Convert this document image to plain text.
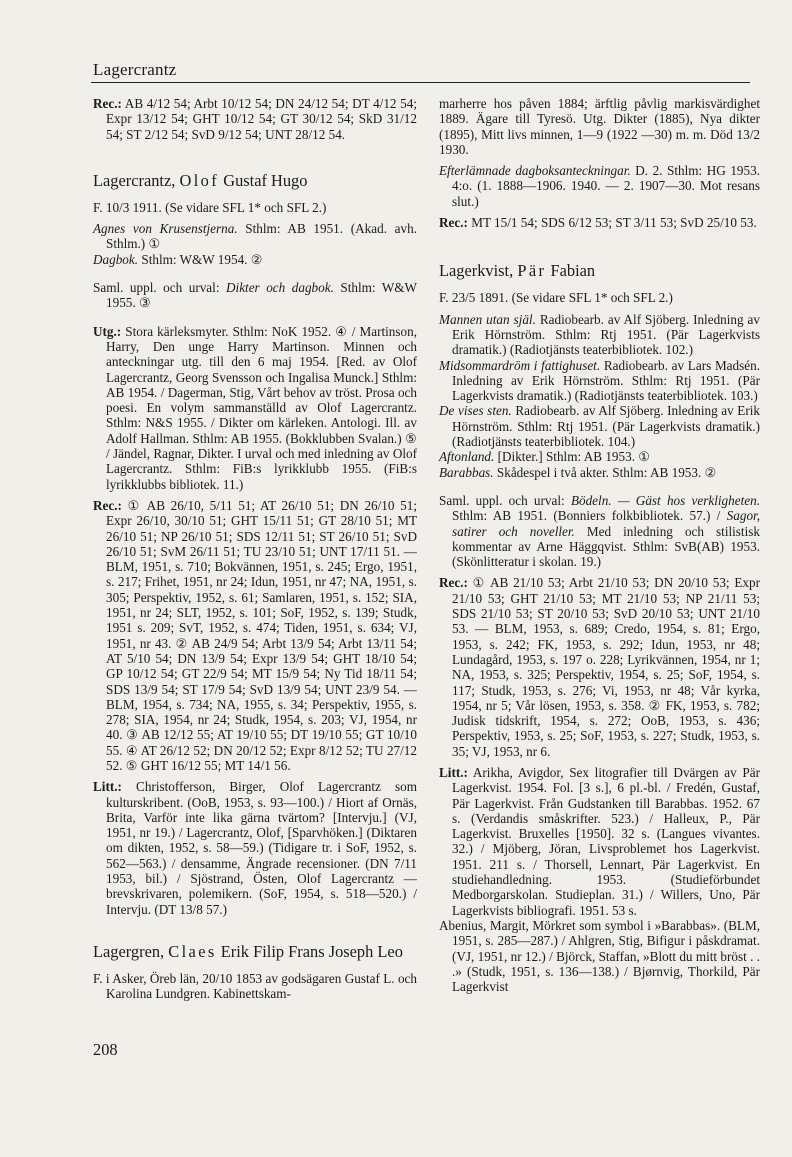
Lagercrantz

Rec.: AB 4/12 54; Arbt 10/12 54; DN 24/12 54; DT 4/12 54; Expr 13/12 54; GHT 10/12 54; GT 30/12 54; SkD 31/12 54; ST 2/12 54; SvD 9/12 54; UNT 28/12 54.

Lagercrantz, Olof Gustaf Hugo

F. 10/3 1911. (Se vidare SFL 1* och SFL 2.)

Agnes von Krusenstjerna. Sthlm: AB 1951. (Akad. avh. Sthlm.) ①

Dagbok. Sthlm: W&W 1954. ②

Saml. uppl. och urval: Dikter och dagbok. Sthlm: W&W 1955. ③

Utg.: Stora kärleksmyter. Sthlm: NoK 1952. ④ / Martinson, Harry, Den unge Harry Martinson. Minnen och anteckningar utg. till den 6 maj 1954. [Red. av Olof Lagercrantz, Georg Svensson och Ingalisa Munck.] Sthlm: AB 1954. / Dagerman, Stig, Vårt behov av tröst. Prosa och poesi. En volym sammanställd av Olof Lagercrantz. Sthlm: N&S 1955. / Dikter om kärleken. Antologi. Ill. av Adolf Hallman. Sthlm: AB 1955. (Bokklubben Svalan.) ⑤ / Jändel, Ragnar, Dikter. I urval och med inledning av Olof Lagercrantz. Sthlm: FiB:s lyrikklubb 1955. (FiB:s lyrikklubbs bibliotek. 11.)

Rec.: ① AB 26/10, 5/11 51; AT 26/10 51; DN 26/10 51; Expr 26/10, 30/10 51; GHT 15/11 51; GT 28/10 51; MT 26/10 51; NP 26/10 51; SDS 12/11 51; ST 26/10 51; SvD 26/10 51; SvM 26/11 51; TU 23/10 51; UNT 17/11 51. — BLM, 1951, s. 710; Bokvännen, 1951, s. 245; Ergo, 1951, s. 217; Frihet, 1951, nr 24; Idun, 1951, nr 47; NA, 1951, s. 305; Perspektiv, 1952, s. 61; Samlaren, 1951, s. 152; SIA, 1951, nr 24; SLT, 1952, s. 101; SoF, 1952, s. 139; Studk, 1951 s. 209; SvT, 1952, s. 474; Tiden, 1951, s. 634; VJ, 1951, nr 43. ② AB 24/9 54; Arbt 13/9 54; Arbt 13/11 54; AT 5/10 54; DN 13/9 54; Expr 13/9 54; GHT 18/10 54; GP 10/12 54; GT 22/9 54; MT 15/9 54; Ny Tid 18/11 54; SDS 13/9 54; ST 17/9 54; SvD 13/9 54; UNT 23/9 54. — BLM, 1954, s. 734; NA, 1955, s. 34; Perspektiv, 1955, s. 278; SIA, 1954, nr 24; Studk, 1954, s. 203; VJ, 1954, nr 40. ③ AB 12/12 55; AT 19/10 55; DT 19/10 55; GT 10/10 55. ④ AT 26/12 52; DN 20/12 52; Expr 8/12 52; TU 27/12 52. ⑤ GHT 16/12 55; MT 14/1 56.

Litt.: Christofferson, Birger, Olof Lagercrantz som kulturskribent. (OoB, 1953, s. 93—100.) / Hiort af Ornäs, Brita, Varför inte lika gärna tvärtom? [Intervju.] (VJ, 1951, nr 19.) / Lagercrantz, Olof, [Sparvhöken.] (Diktaren om dikten, 1952, s. 58—59.) (Tidigare tr. i SoF, 1952, s. 562—563.) / densamme, Ängrade recensioner. (DN 7/11 1953, bil.) / Sjöstrand, Östen, Olof Lagercrantz — brevskrivaren, polemikern. (SoF, 1954, s. 518—520.) / Intervju. (DT 13/8 57.)

Lagergren, Claes Erik Filip Frans Joseph Leo

F. i Asker, Öreb län, 20/10 1853 av godsägaren Gustaf L. och Karolina Lundgren. Kabinettskam-

marherre hos påven 1884; ärftlig påvlig markisvärdighet 1889. Ägare till Tyresö. Utg. Dikter (1885), Nya dikter (1895), Mitt livs minnen, 1—9 (1922 —30) m. m. Död 13/2 1930.

Efterlämnade dagboksanteckningar. D. 2. Sthlm: HG 1953. 4:o. (1. 1888—1906. 1940. — 2. 1907—30. Mot resans slut.)

Rec.: MT 15/1 54; SDS 6/12 53; ST 3/11 53; SvD 25/10 53.

Lagerkvist, Pär Fabian

F. 23/5 1891. (Se vidare SFL 1* och SFL 2.)

Mannen utan själ. Radiobearb. av Alf Sjöberg. Inledning av Erik Hörnström. Sthlm: Rtj 1951. (Pär Lagerkvists dramatik.) (Radiotjänsts teaterbibliotek. 102.)

Midsommardröm i fattighuset. Radiobearb. av Lars Madsén. Inledning av Erik Hörnström. Sthlm: Rtj 1951. (Pär Lagerkvists dramatik.) (Radiotjänsts teaterbibliotek. 103.)

De vises sten. Radiobearb. av Alf Sjöberg. Inledning av Erik Hörnström. Sthlm: Rtj 1951. (Pär Lagerkvists dramatik.) (Radiotjänsts teaterbibliotek. 104.)

Aftonland. [Dikter.] Sthlm: AB 1953. ①

Barabbas. Skådespel i två akter. Sthlm: AB 1953. ②

Saml. uppl. och urval: Bödeln. — Gäst hos verkligheten. Sthlm: AB 1951. (Bonniers folkbibliotek. 57.) / Sagor, satirer och noveller. Med inledning och stilistisk kommentar av Arne Häggqvist. Sthlm: SvB(AB) 1953. (Skönlitteratur i skolan. 19.)

Rec.: ① AB 21/10 53; Arbt 21/10 53; DN 20/10 53; Expr 21/10 53; GHT 21/10 53; MT 21/10 53; NP 21/11 53; SDS 21/10 53; ST 20/10 53; SvD 20/10 53; UNT 21/10 53. — BLM, 1953, s. 689; Credo, 1954, s. 81; Ergo, 1953, s. 242; FK, 1953, s. 292; Idun, 1953, nr 48; Lundagård, 1953, s. 197 o. 228; Lyrikvännen, 1954, nr 1; NA, 1953, s. 325; Perspektiv, 1954, s. 25; SoF, 1954, s. 117; Studk, 1953, s. 276; Vi, 1953, nr 48; Vår kyrka, 1954, nr 5; Vår lösen, 1953, s. 358. ② FK, 1953, s. 782; Judisk tidskrift, 1954, s. 272; OoB, 1953, s. 436; Perspektiv, 1953, s. 25; SoF, 1953, s. 227; Studk, 1953, s. 35; VJ, 1953, nr 6.

Litt.: Arikha, Avigdor, Sex litografier till Dvärgen av Pär Lagerkvist. 1954. Fol. [3 s.], 6 pl.-bl. / Fredén, Gustaf, Pär Lagerkvist. Från Gudstanken till Barabbas. 1952. 67 s. (Verdandis småskrifter. 523.) / Halleux, P., Pär Lagerkvist. Bruxelles [1950]. 32 s. (Langues vivantes. 32.) / Mjöberg, Jöran, Livsproblemet hos Lagerkvist. 1951. 211 s. / Thorsell, Lennart, Pär Lagerkvist. En studiehandledning. 1953. (Studieförbundet Medborgarskolan. Studieplan. 31.) / Willers, Uno, Pär Lagerkvists bibliografi. 1951. 53 s.

Abenius, Margit, Mörkret som symbol i »Barabbas». (BLM, 1951, s. 285—287.) / Ahlgren, Stig, Bifigur i påskdramat. (VJ, 1951, nr 12.) / Björck, Staffan, »Blott du mitt bröst . . .» (Studk, 1951, s. 136—138.) / Bjørnvig, Thorkild, Pär Lagerkvist

208
